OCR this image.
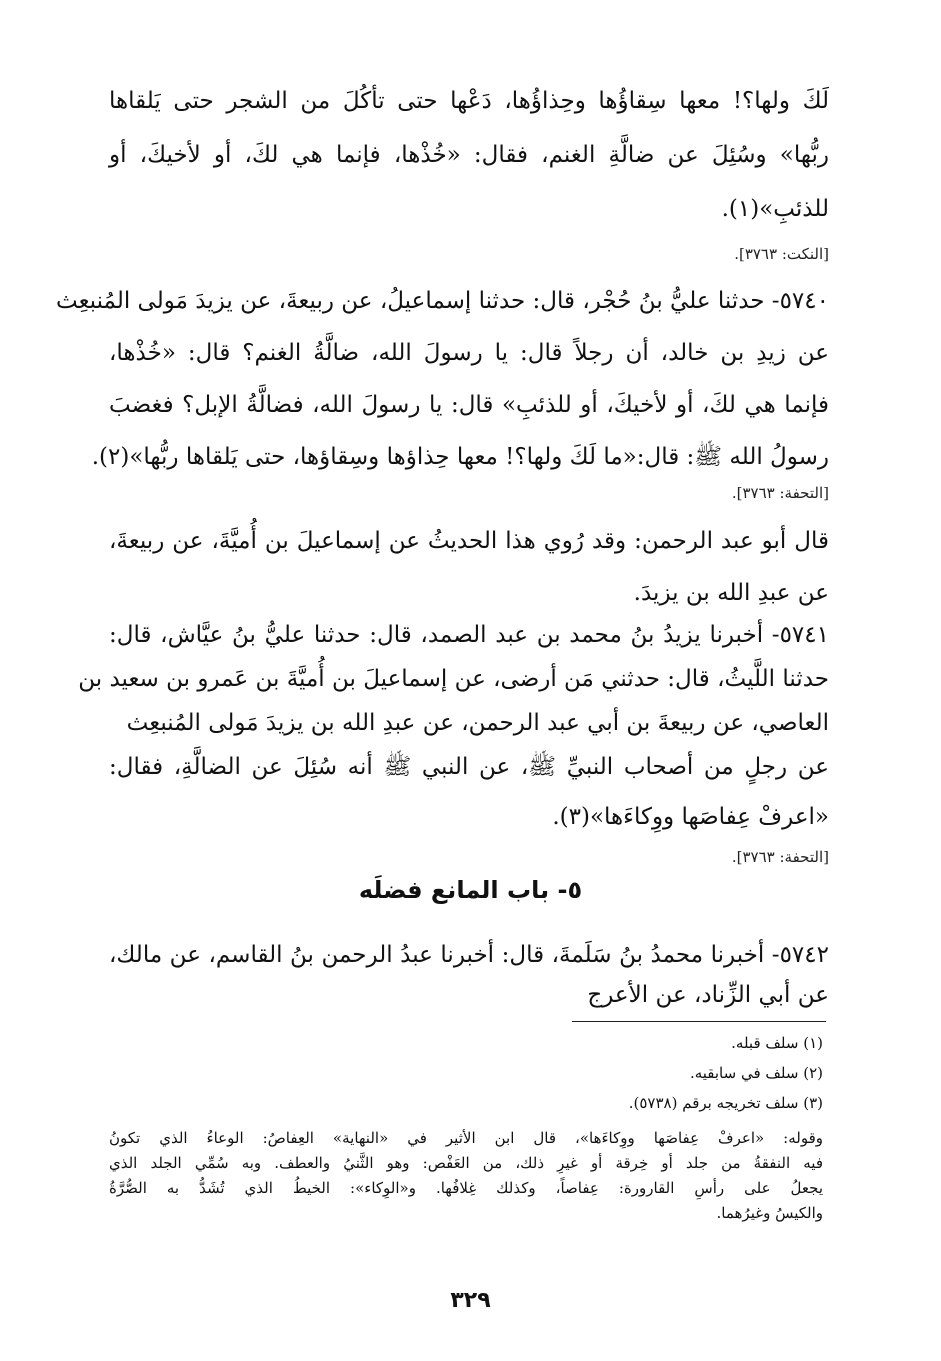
لَكَ ولها؟! معها سِقاؤُها وحِذاؤُها، دَعْها حتى تأكُلَ من الشجر حتى يَلقاها
ربُّها» وسُئِلَ عن ضالَّةِ الغنم، فقال: «خُذْها، فإنما هي لكَ، أو لأخيكَ، أو
للذئبِ»(١).
[النكت: ٣٧٦٣].
٥٧٤٠- حدثنا عليُّ بنُ حُجْر، قال: حدثنا إسماعيلُ، عن ربيعةَ، عن يزيدَ مَولى المُنبعِث
عن زيدِ بن خالد، أن رجلاً قال: يا رسولَ الله، ضالَّةُ الغنم؟ قال: «خُذْها،
فإنما هي لكَ، أو لأخيكَ، أو للذئبِ» قال: يا رسولَ الله، فضالَّةُ الإبل؟ فغضبَ
رسولُ الله ﷺ: قال:«ما لَكَ ولها؟! معها حِذاؤها وسِقاؤها، حتى يَلقاها ربُّها»(٢).
[التحفة: ٣٧٦٣].
قال أبو عبد الرحمن: وقد رُوي هذا الحديثُ عن إسماعيلَ بن أُميَّةَ، عن ربيعةَ،
عن عبدِ الله بن يزيدَ.
٥٧٤١- أخبرنا يزيدُ بنُ محمد بن عبد الصمد، قال: حدثنا عليُّ بنُ عيَّاش، قال:
حدثنا اللَّيثُ، قال: حدثني مَن أرضى، عن إسماعيلَ بن أُميَّةَ بن عَمرو بن سعيد بن
العاصي، عن ربيعةَ بن أبي عبد الرحمن، عن عبدِ الله بن يزيدَ مَولى المُنبعِث
عن رجلٍ من أصحاب النبيِّ ﷺ، عن النبي ﷺ أنه سُئِلَ عن الضالَّةِ، فقال:
«اعرفْ عِفاصَها ووِكاءَها»(٣).
[التحفة: ٣٧٦٣].
٥- باب المانع فضلَه
٥٧٤٢- أخبرنا محمدُ بنُ سَلَمةَ، قال: أخبرنا عبدُ الرحمن بنُ القاسم، عن مالك،
عن أبي الزِّناد، عن الأعرج
(١) سلف قبله.
(٢) سلف في سابقيه.
(٣) سلف تخريجه برقم (٥٧٣٨).
وقوله: «اعرفْ عِفاصَها ووِكاءَها»، قال ابن الأثير في «النهاية» العِفاصُ: الوعاءُ الذي تكونُ
فيه النفقةُ من جلد أو خِرقة أو غيرِ ذلك، من العَفْص: وهو الثَّنيُ والعطف. وبه سُمِّي الجلد الذي
يجعلُ على رأسِ القارورة: عِفاصاً، وكذلك غِلافُها. و«الوِكاء»: الخيطُ الذي تُشَدُّ به الصُّرَّةُ
والكيسُ وغيرُهما.
٣٢٩
